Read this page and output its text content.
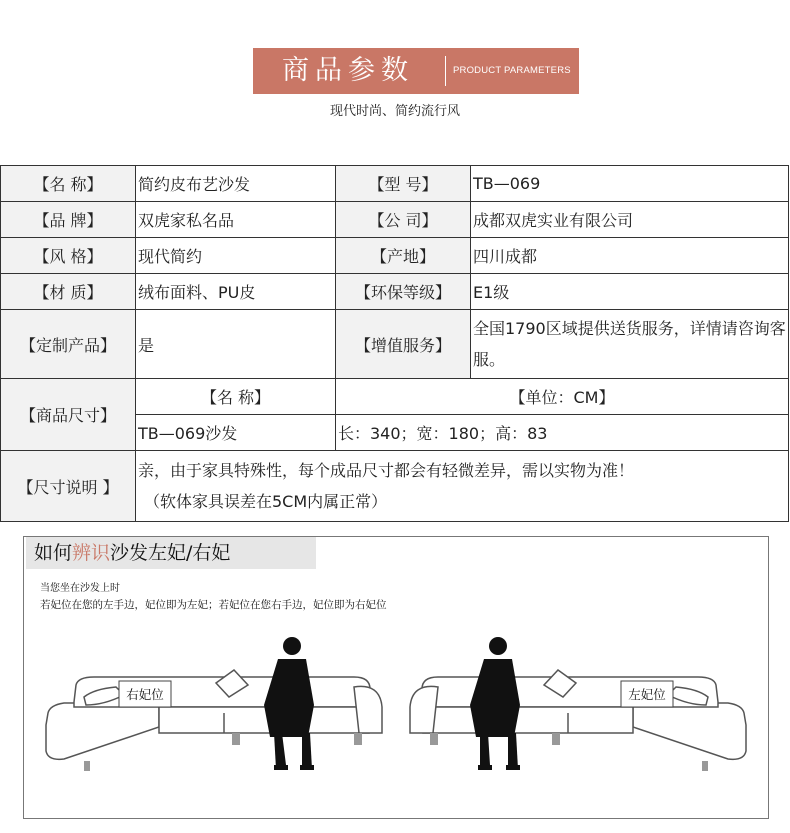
商品参数	PRODUCT PARAMETERS
现代时尚、简约流行风
【名 称】	简约皮布艺沙发	【型 号】	TB—069
【品 牌】	双虎家私名品	【公 司】	成都双虎实业有限公司
【风 格】	现代简约	【产地】	四川成都
【材 质】	绒布面料、PU皮	【环保等级】	E1级
【定制产品】	是	【增值服务】	全国1790区域提供送货服务，详情请咨询客服。
【商品尺寸】	【名 称】	【单位：CM】	
	TB—069沙发	长：340；宽：180；高：83	
【尺寸说明 】	亲，由于家具特殊性，每个成品尺寸都会有轻微差异，需以实物为准！
（软体家具误差在5CM内属正常）		
如何辨识沙发左妃/右妃
当您坐在沙发上时
若妃位在您的左手边，妃位即为左妃；若妃位在您右手边，妃位即为右妃位
右妃位	左妃位
